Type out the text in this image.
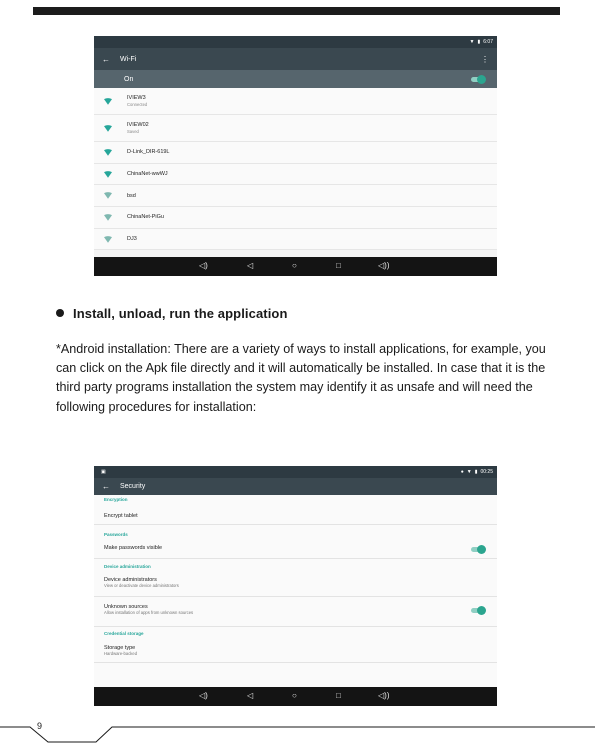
▼ ▮ 6:07
←	Wi-Fi	⋮
On
IVIEW3
Connected
IVIEW02
Saved
D-Link_DIR-619L
ChinaNet-wwWJ
bsd
ChinaNet-PiGu
DJ3
◁)	◁	○	□	◁))
Install, unload, run the application
*Android installation: There are a variety of ways to install applications, for example, you can click on the Apk file directly and it will automatically be installed. In case that it is the third party programs installation the system may identify it as unsafe and will need the following procedures for installation:
▣	● ▼ ▮ 00:25
←	Security
Encryption
Encrypt tablet
Passwords
Make passwords visible
Device administration
Device administrators
View or deactivate device administrators
Unknown sources
Allow installation of apps from unknown sources
Credential storage
Storage type
Hardware-backed
◁)	◁	○	□	◁))
9
